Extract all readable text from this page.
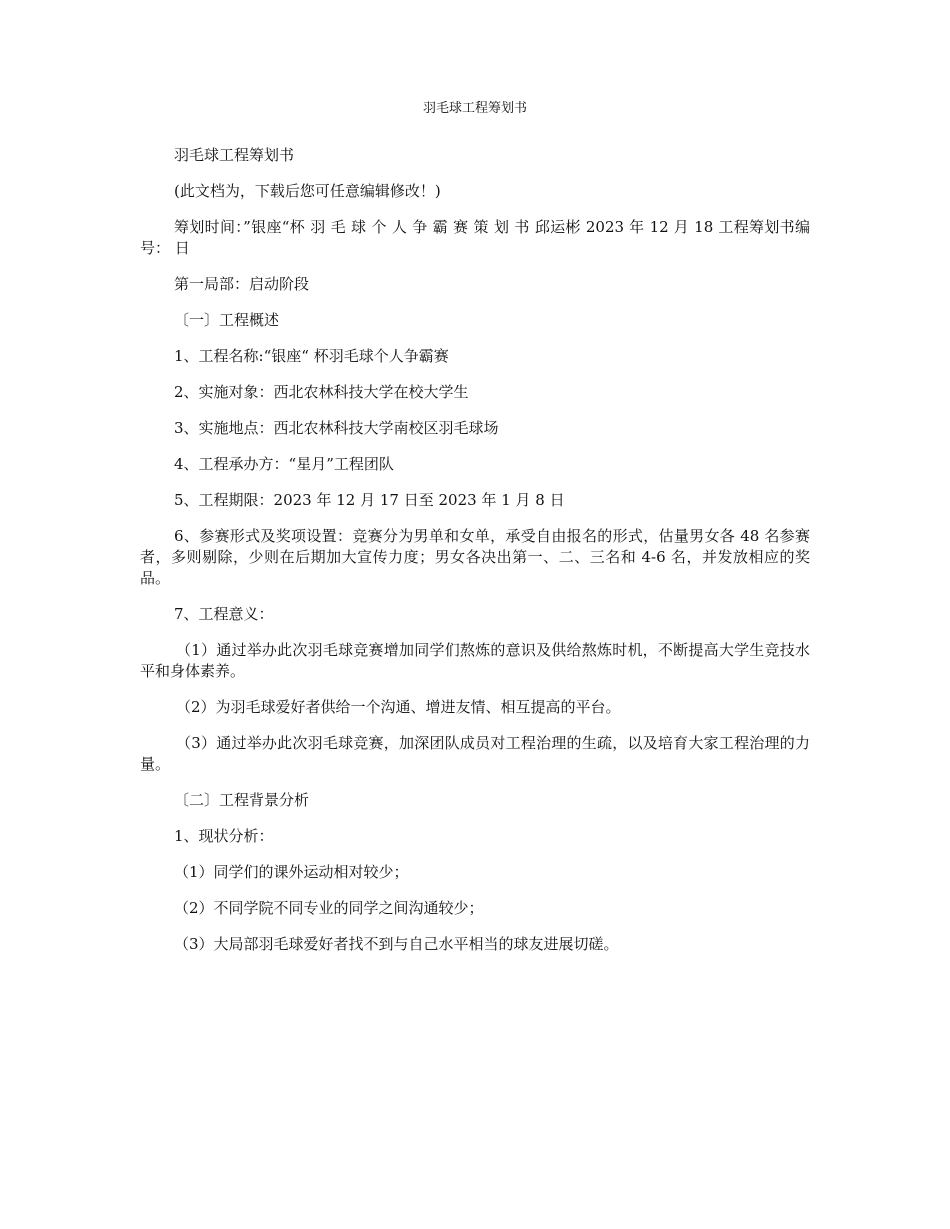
羽毛球工程筹划书

羽毛球工程筹划书

(此文档为，下载后您可任意编辑修改！)

筹划时间：”银座“杯 羽 毛 球 个 人 争 霸 赛 策 划 书 邱运彬 2023 年 12 月 18 工程筹划书编号： 日

第一局部：启动阶段

〔一〕工程概述

1、工程名称:“银座“ 杯羽毛球个人争霸赛

2、实施对象：西北农林科技大学在校大学生

3、实施地点：西北农林科技大学南校区羽毛球场

4、工程承办方：“星月”工程团队

5、工程期限：2023 年 12 月 17 日至 2023 年 1 月 8 日

6、参赛形式及奖项设置：竞赛分为男单和女单，承受自由报名的形式，估量男女各 48 名参赛者，多则剔除，少则在后期加大宣传力度；男女各决出第一、二、三名和 4-6 名，并发放相应的奖品。

7、工程意义：

（1）通过举办此次羽毛球竞赛增加同学们熬炼的意识及供给熬炼时机，不断提高大学生竞技水平和身体素养。

（2）为羽毛球爱好者供给一个沟通、增进友情、相互提高的平台。

（3）通过举办此次羽毛球竞赛，加深团队成员对工程治理的生疏，以及培育大家工程治理的力量。

〔二〕工程背景分析

1、现状分析：

（1）同学们的课外运动相对较少；

（2）不同学院不同专业的同学之间沟通较少；

（3）大局部羽毛球爱好者找不到与自己水平相当的球友进展切磋。
